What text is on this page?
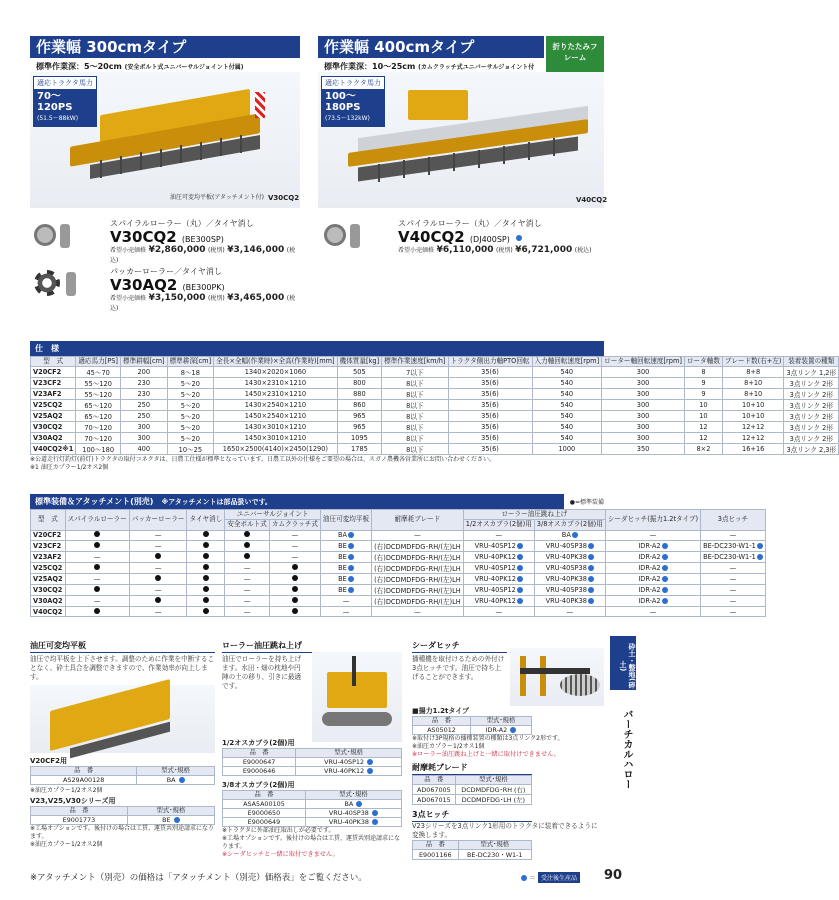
作業幅 300cmタイプ
標準作業深：5～20cm (安全ボルト式ユニバーサルジョイント付属)
油圧可変均平板(アタッチメント付) V30CQ2
適応トラクタ馬力
70～120PS
(51.5～88kW)
作業幅 400cmタイプ
標準作業深：10～25cm (カムクラッチ式ユニバーサルジョイント付
折りたたみフレーム
V40CQ2
適応トラクタ馬力
100～180PS
(73.5～132kW)
スパイラルローラー（丸）／タイヤ消し
V30CQ2 (BE300SP)
希望小売価格 ¥2,860,000 (税別) ¥3,146,000 (税込)
パッカーローラー／タイヤ消し
V30AQ2 (BE300PK)
希望小売価格 ¥3,150,000 (税別) ¥3,465,000 (税込)
スパイラルローラー（丸）／タイヤ消し
V40CQ2 (DJ400SP)
希望小売価格 ¥6,110,000 (税別) ¥6,721,000 (税込)
仕　様
型　式	適応馬力[PS]	標準耕幅[cm]	標準耕深[cm]	全長×全幅(作業時)×全高(作業時)[mm]	機体質量[kg]	標準作業速度[km/h]	トラクタ側出力軸PTO回転	入力軸回転速度[rpm]	ローター軸回転速度[rpm]	ロータ軸数	ブレード数(右+左)	装着装置の種類
V20CF2	45～70	200	8～18	1340×2020×1060	505	7以下	35(6)	540	300	8	8+8	3点リンク 1,2形
V23CF2	55～120	230	5～20	1430×2310×1210	800	8以下	35(6)	540	300	9	8+10	3点リンク 2形
V23AF2	55～120	230	5～20	1450×2310×1210	880	8以下	35(6)	540	300	9	8+10	3点リンク 2形
V25CQ2	65～120	250	5～20	1430×2540×1210	860	8以下	35(6)	540	300	10	10+10	3点リンク 2形
V25AQ2	65～120	250	5～20	1450×2540×1210	965	8以下	35(6)	540	300	10	10+10	3点リンク 2形
V30CQ2	70～120	300	5～20	1430×3010×1210	965	8以下	35(6)	540	300	12	12+12	3点リンク 2形
V30AQ2	70～120	300	5～20	1450×3010×1210	1095	8以下	35(6)	540	300	12	12+12	3点リンク 2形
V40CQ2※1	100～180	400	10～25	1650×2500(4140)×2450(1290)	1785	8以下	35(6)	1000	350	8×2	16+16	3点リンク 2,3形
※公道走行灯釣灯(前灯)トラクタの取付コネクタは、日農工仕様が標準となっています。日農工以外の仕様をご要望の場合は、スガノ農機各営業所にお問い合わせください。
※1 油圧カプラー1/2オス2個
標準装備＆アタッチメント(別売)　 ※アタッチメントは部品扱いです。	●=標準装備
型　式	スパイラルローラー	パッカーローラー	タイヤ消し	ユニバーサルジョイント		油圧可変均平板	耐摩耗ブレード	ローラー油圧跳ね上げ		シーダヒッチ(振力1.2tタイプ)	3点ヒッチ
				安全ボルト式	カムクラッチ式			1/2オスカプラ(2個)用	3/8オスカプラ(2個)用		
V20CF2		—			—	BA	—	—	BA	—	—
V23CF2		—			—	BE	(右)DCDMDFDG･RH/(左)LH	VRU-40SP12	VRU-40SP38	IDR-A2	BE-DC230-W1-1
V23AF2	—				—	BE	(右)DCDMDFDG･RH/(左)LH	VRU-40PK12	VRU-40PK38	IDR-A2	BE-DC230-W1-1
V25CQ2		—		—		BE	(右)DCDMDFDG･RH/(左)LH	VRU-40SP12	VRU-40SP38	IDR-A2	—
V25AQ2	—			—		BE	(右)DCDMDFDG･RH/(左)LH	VRU-40PK12	VRU-40PK38	IDR-A2	—
V30CQ2		—		—		BE	(右)DCDMDFDG･RH/(左)LH	VRU-40SP12	VRU-40SP38	IDR-A2	—
V30AQ2	—			—		—	(右)DCDMDFDG･RH/(左)LH	VRU-40PK12	VRU-40PK38	IDR-A2	—
V40CQ2		—		—		—	—	—	—	—	—
油圧可変均平板
油圧で均平板を上下させます。調整のために作業を中断することなく、砕土具合を調整できますので、作業効率が向上します。
V20CF2用
品　番	型式･規格
AS29A00128	BA
※油圧カプラー1/2オス2個
V23,V25,V30シリーズ用
品　番	型式･規格
E9001773	BE
※工場オプションです。後付けの場合は工賃、運賃共別途請求になります。
※油圧カプラー1/2オス2個
ローラー油圧跳ね上げ
油圧でローラーを持ち上げます。水田・畑の枕地や円陣の土の移り、引きに最適です。
1/2オスカプラ(2個)用
品　番	型式･規格
E9000647	VRU-40SP12
E9000646	VRU-40PK12
3/8オスカプラ(2個)用
品　番	型式･規格
ASA5A00105	BA
E9000650	VRU-40SP38
E9000649	VRU-40PK38
※トラクタに外部油圧取出しが必要です。
※工場オプションです。後付けの場合は工賃、運賃共別途請求になります。
※シーダヒッチと一緒に取付できません。
シーダヒッチ
播種機を取付けるための外付け3点ヒッチです。油圧で持ち上げることができます。
■揚力1.2tタイプ
品　番	型式･規格
AS05012	IDR-A2
※取付け3P規格の播種装置の種類は3点リンク2形です。
※油圧カプラー1/2オス1個
※ローラー油圧跳ね上げと一緒に取付けできません。
耐摩耗ブレード
品　番	型式･規格
AD067005	DCDMDFDG･RH (右)
AD067015	DCDMDFDG･LH (左)
3点ヒッチ
V23シリーズを3点リンク1形用のトラクタに装着できるように変換します。
品　番	型式･規格
E9001166	BE-DC230・W1-1
砕土・整地(碎土)
バーチカルハロー
※アタッチメント（別売）の価格は「アタッチメント（別売）価格表」をご覧ください。	＝ 受注後生産品 90
